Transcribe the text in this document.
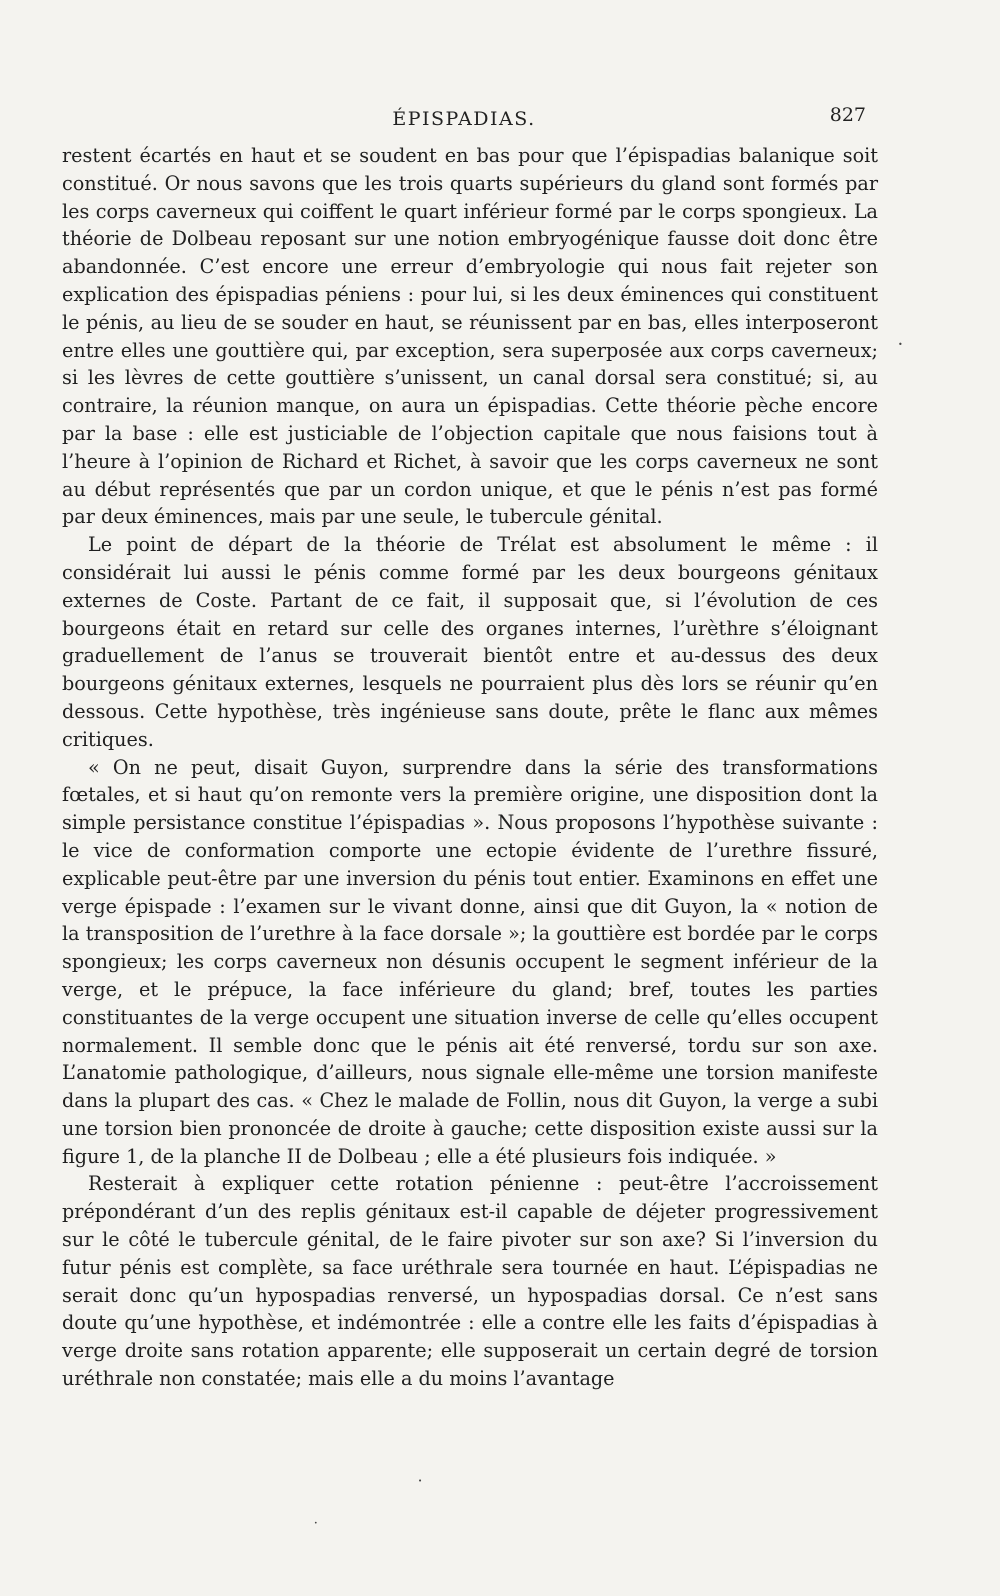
ÉPISPADIAS.	827

restent écartés en haut et se soudent en bas pour que l’épispadias balanique soit constitué. Or nous savons que les trois quarts supérieurs du gland sont formés par les corps caverneux qui coiffent le quart inférieur formé par le corps spongieux. La théorie de Dolbeau reposant sur une notion embryogénique fausse doit donc être abandonnée. C’est encore une erreur d’embryologie qui nous fait rejeter son explication des épispadias péniens : pour lui, si les deux éminences qui constituent le pénis, au lieu de se souder en haut, se réunissent par en bas, elles interposeront entre elles une gouttière qui, par exception, sera superposée aux corps caverneux; si les lèvres de cette gouttière s’unissent, un canal dorsal sera constitué; si, au contraire, la réunion manque, on aura un épispadias. Cette théorie pèche encore par la base : elle est justiciable de l’objection capitale que nous faisions tout à l’heure à l’opinion de Richard et Richet, à savoir que les corps caverneux ne sont au début représentés que par un cordon unique, et que le pénis n’est pas formé par deux éminences, mais par une seule, le tubercule génital.

Le point de départ de la théorie de Trélat est absolument le même : il considérait lui aussi le pénis comme formé par les deux bourgeons génitaux externes de Coste. Partant de ce fait, il supposait que, si l’évolution de ces bourgeons était en retard sur celle des organes internes, l’urèthre s’éloignant graduellement de l’anus se trouverait bientôt entre et au-dessus des deux bourgeons génitaux externes, lesquels ne pourraient plus dès lors se réunir qu’en dessous. Cette hypothèse, très ingénieuse sans doute, prête le flanc aux mêmes critiques.

« On ne peut, disait Guyon, surprendre dans la série des transformations fœtales, et si haut qu’on remonte vers la première origine, une disposition dont la simple persistance constitue l’épispadias ». Nous proposons l’hypothèse suivante : le vice de conformation comporte une ectopie évidente de l’urethre fissuré, explicable peut-être par une inversion du pénis tout entier. Examinons en effet une verge épispade : l’examen sur le vivant donne, ainsi que dit Guyon, la « notion de la transposition de l’urethre à la face dorsale »; la gouttière est bordée par le corps spongieux; les corps caverneux non désunis occupent le segment inférieur de la verge, et le prépuce, la face inférieure du gland; bref, toutes les parties constituantes de la verge occupent une situation inverse de celle qu’elles occupent normalement. Il semble donc que le pénis ait été renversé, tordu sur son axe. L’anatomie pathologique, d’ailleurs, nous signale elle-même une torsion manifeste dans la plupart des cas. « Chez le malade de Follin, nous dit Guyon, la verge a subi une torsion bien prononcée de droite à gauche; cette disposition existe aussi sur la figure 1, de la planche II de Dolbeau ; elle a été plusieurs fois indiquée. »

Resterait à expliquer cette rotation pénienne : peut-être l’accroissement prépondérant d’un des replis génitaux est-il capable de déjeter progressivement sur le côté le tubercule génital, de le faire pivoter sur son axe? Si l’inversion du futur pénis est complète, sa face uréthrale sera tournée en haut. L’épispadias ne serait donc qu’un hypospadias renversé, un hypospadias dorsal. Ce n’est sans doute qu’une hypothèse, et indémontrée : elle a contre elle les faits d’épispadias à verge droite sans rotation apparente; elle supposerait un certain degré de torsion uréthrale non constatée; mais elle a du moins l’avantage

•
•
•
